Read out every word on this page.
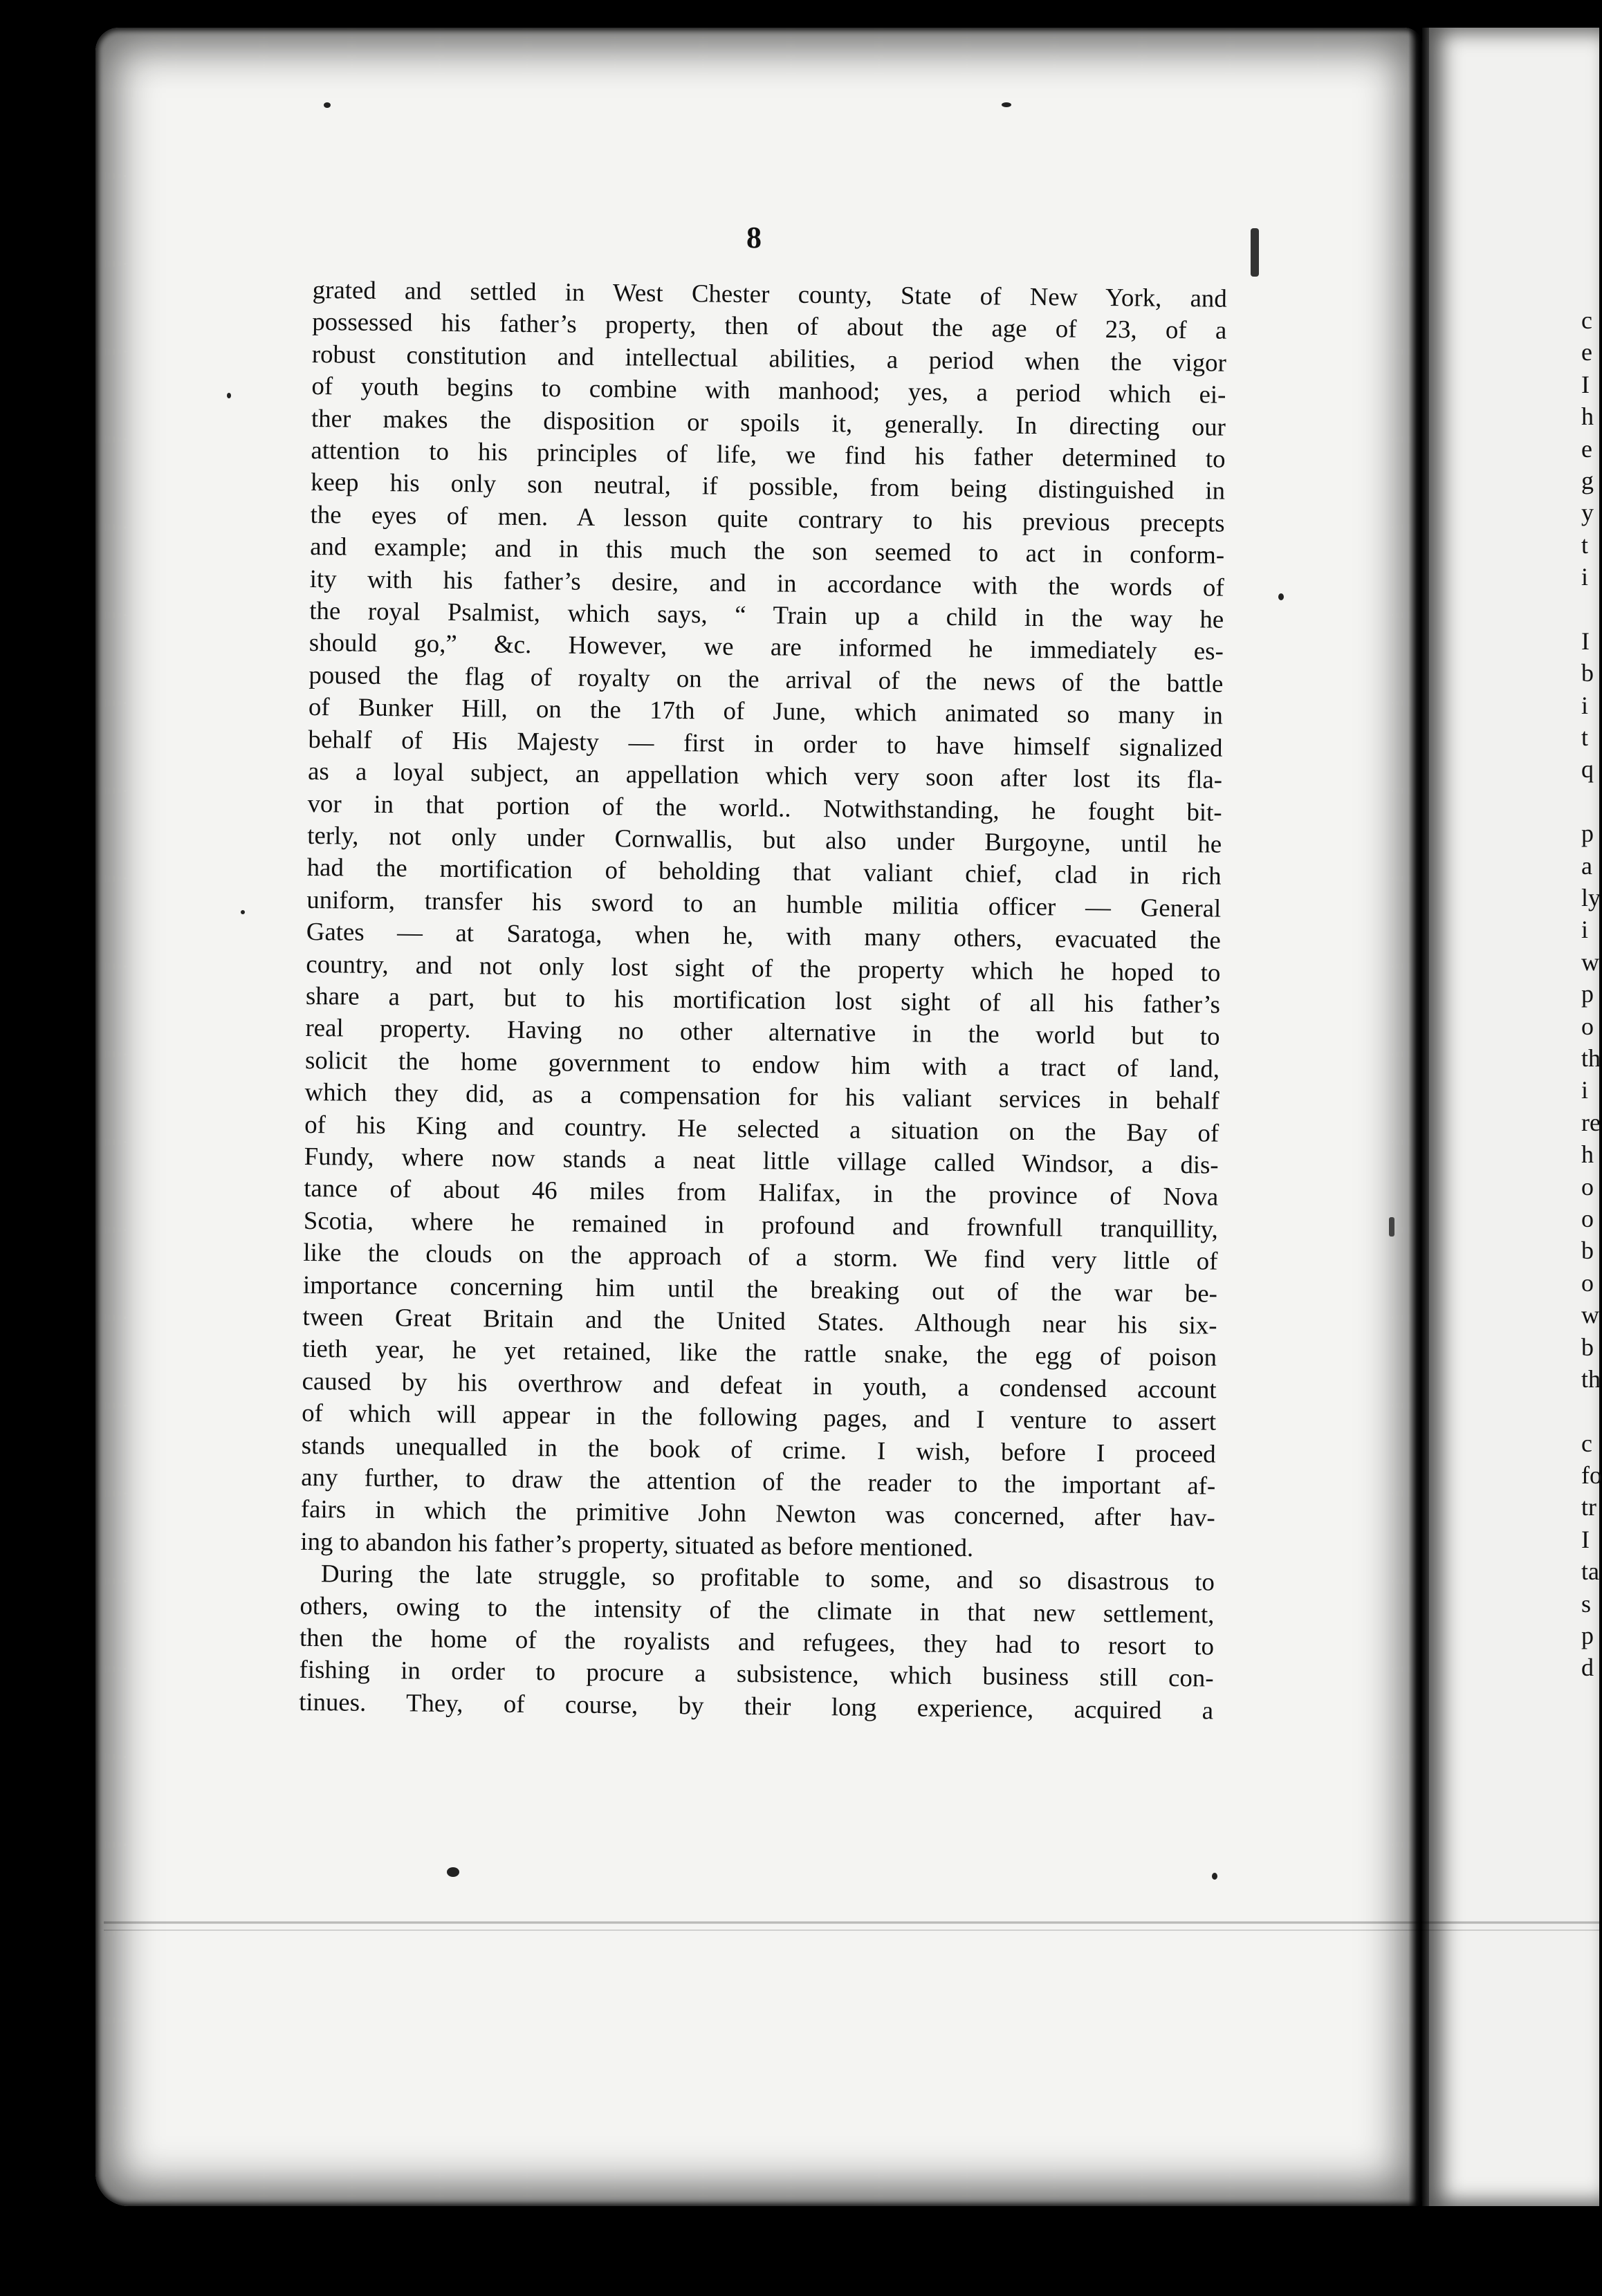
8
grated and settled in West Chester county, State of New York, and
possessed his father’s property, then of about the age of 23, of a
robust constitution and intellectual abilities, a period when the vigor
of youth begins to combine with manhood; yes, a period which ei-
ther makes the disposition or spoils it, generally. In directing our
attention to his principles of life, we find his father determined to
keep his only son neutral, if possible, from being distinguished in
the eyes of men. A lesson quite contrary to his previous precepts
and example; and in this much the son seemed to act in conform-
ity with his father’s desire, and in accordance with the words of
the royal Psalmist, which says, “ Train up a child in the way he
should go,” &c. However, we are informed he immediately es-
poused the flag of royalty on the arrival of the news of the battle
of Bunker Hill, on the 17th of June, which animated so many in
behalf of His Majesty — first in order to have himself signalized
as a loyal subject, an appellation which very soon after lost its fla-
vor in that portion of the world.. Notwithstanding, he fought bit-
terly, not only under Cornwallis, but also under Burgoyne, until he
had the mortification of beholding that valiant chief, clad in rich
uniform, transfer his sword to an humble militia officer — General
Gates — at Saratoga, when he, with many others, evacuated the
country, and not only lost sight of the property which he hoped to
share a part, but to his mortification lost sight of all his father’s
real property. Having no other alternative in the world but to
solicit the home government to endow him with a tract of land,
which they did, as a compensation for his valiant services in behalf
of his King and country. He selected a situation on the Bay of
Fundy, where now stands a neat little village called Windsor, a dis-
tance of about 46 miles from Halifax, in the province of Nova
Scotia, where he remained in profound and frownfull tranquillity,
like the clouds on the approach of a storm. We find very little of
importance concerning him until the breaking out of the war be-
tween Great Britain and the United States. Although near his six-
tieth year, he yet retained, like the rattle snake, the egg of poison
caused by his overthrow and defeat in youth, a condensed account
of which will appear in the following pages, and I venture to assert
stands unequalled in the book of crime. I wish, before I proceed
any further, to draw the attention of the reader to the important af-
fairs in which the primitive John Newton was concerned, after hav-
ing to abandon his father’s property, situated as before mentioned.
During the late struggle, so profitable to some, and so disastrous to
others, owing to the intensity of the climate in that new settlement,
then the home of the royalists and refugees, they had to resort to
fishing in order to procure a subsistence, which business still con-
tinues. They, of course, by their long experience, acquired a
c
e
I
h
e
g
y
t
i
I
b
i
t
q
p
a
ly
i
w
p
o
th
i
re
h
o
o
b
o
w
b
th
c
fo
tr
I
ta
s
p
d
